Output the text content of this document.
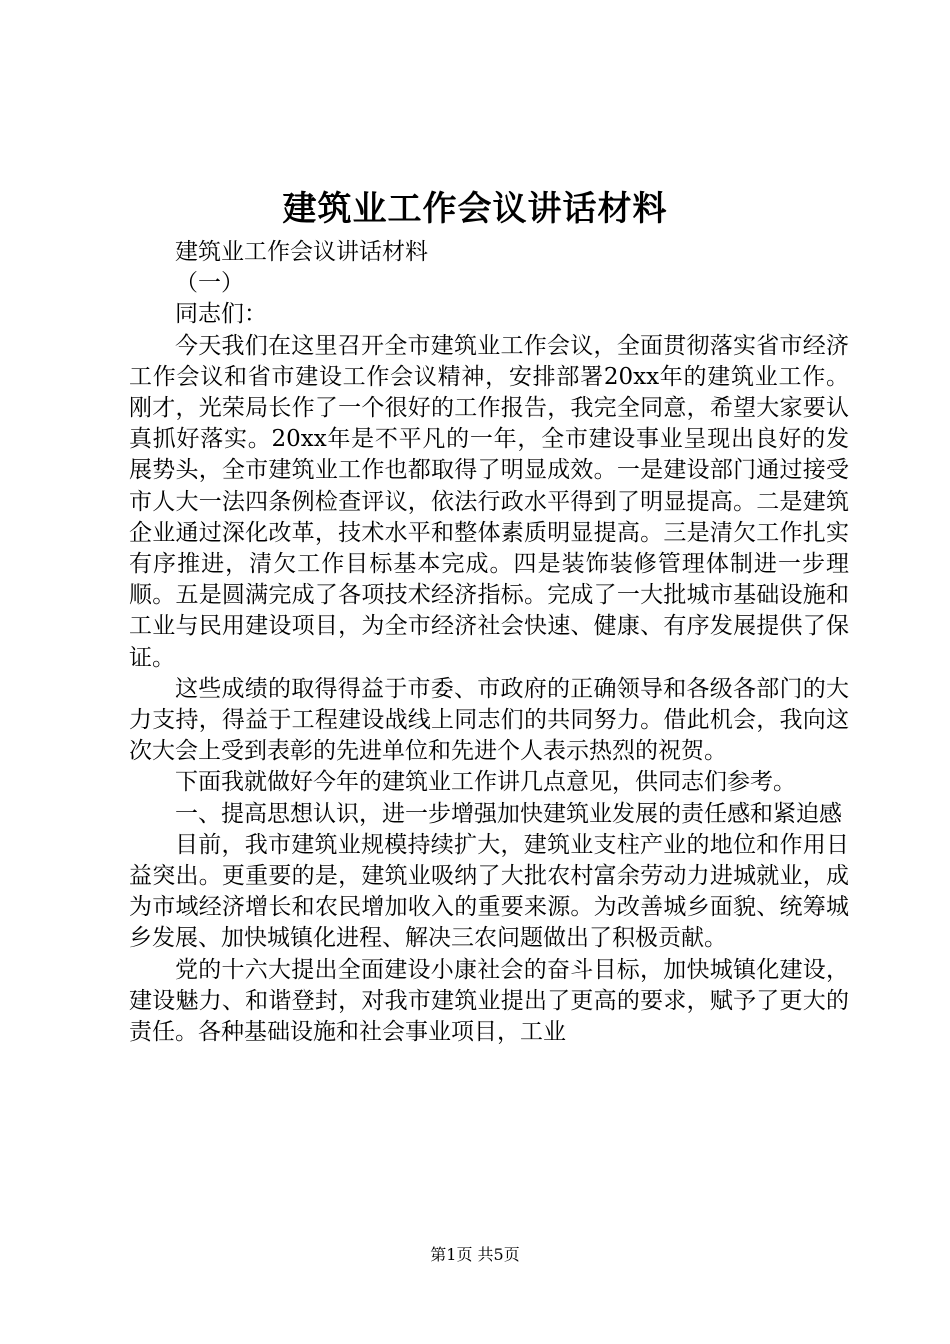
建筑业工作会议讲话材料

建筑业工作会议讲话材料

（一）

同志们：

今天我们在这里召开全市建筑业工作会议，全面贯彻落实省市经济工作会议和省市建设工作会议精神，安排部署20xx年的建筑业工作。刚才，光荣局长作了一个很好的工作报告，我完全同意，希望大家要认真抓好落实。20xx年是不平凡的一年，全市建设事业呈现出良好的发展势头，全市建筑业工作也都取得了明显成效。一是建设部门通过接受市人大一法四条例检查评议，依法行政水平得到了明显提高。二是建筑企业通过深化改革，技术水平和整体素质明显提高。三是清欠工作扎实有序推进，清欠工作目标基本完成。四是装饰装修管理体制进一步理顺。五是圆满完成了各项技术经济指标。完成了一大批城市基础设施和工业与民用建设项目，为全市经济社会快速、健康、有序发展提供了保证。

这些成绩的取得得益于市委、市政府的正确领导和各级各部门的大力支持，得益于工程建设战线上同志们的共同努力。借此机会，我向这次大会上受到表彰的先进单位和先进个人表示热烈的祝贺。

下面我就做好今年的建筑业工作讲几点意见，供同志们参考。

一、提高思想认识，进一步增强加快建筑业发展的责任感和紧迫感

目前，我市建筑业规模持续扩大，建筑业支柱产业的地位和作用日益突出。更重要的是，建筑业吸纳了大批农村富余劳动力进城就业，成为市域经济增长和农民增加收入的重要来源。为改善城乡面貌、统筹城乡发展、加快城镇化进程、解决三农问题做出了积极贡献。

党的十六大提出全面建设小康社会的奋斗目标，加快城镇化建设，建设魅力、和谐登封，对我市建筑业提出了更高的要求，赋予了更大的责任。各种基础设施和社会事业项目，工业

第1页 共5页
